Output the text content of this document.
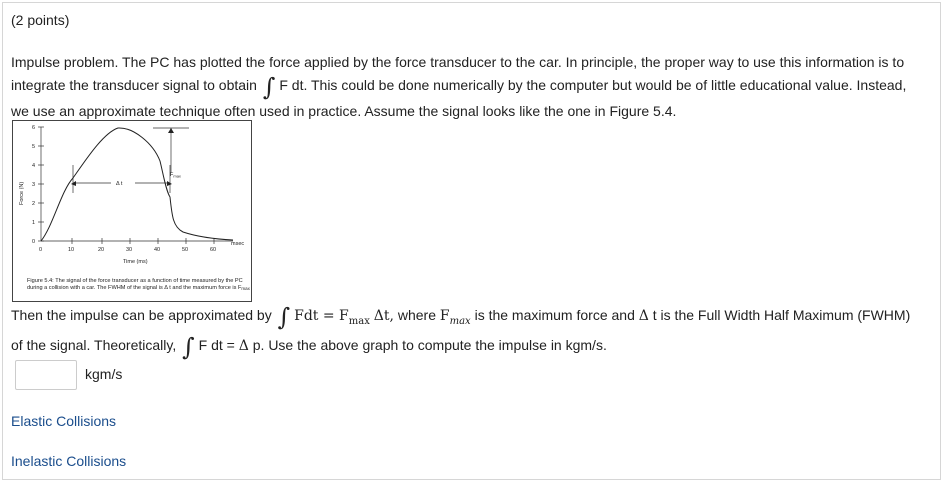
(2 points)
Impulse problem. The PC has plotted the force applied by the force transducer to the car. In principle, the proper way to use this information is to
integrate the transducer signal to obtain ∫ F dt. This could be done numerically by the computer but would be of little educational value. Instead,
we use an approximate technique often used in practice. Assume the signal looks like the one in Figure 5.4.
0
1
2
3
4
5
6
0	10	20	30	40	50	60
msec
Time (ms)
Δ t
$F_{max}$
Force (N)
Figure 5.4: The signal of the force transducer as a function of time measured by the PC during a collision with a car. The FWHM of the signal is Δ t and the maximum force is Fmax
Then the impulse can be approximated by ∫ Fdt = $F_{max}$ Δt, where $F_{max}$ is the maximum force and Δ t is the Full Width Half Maximum (FWHM)
of the signal. Theoretically, ∫ F dt = Δ p. Use the above graph to compute the impulse in kgm/s.
kgm/s
Elastic Collisions
Inelastic Collisions
